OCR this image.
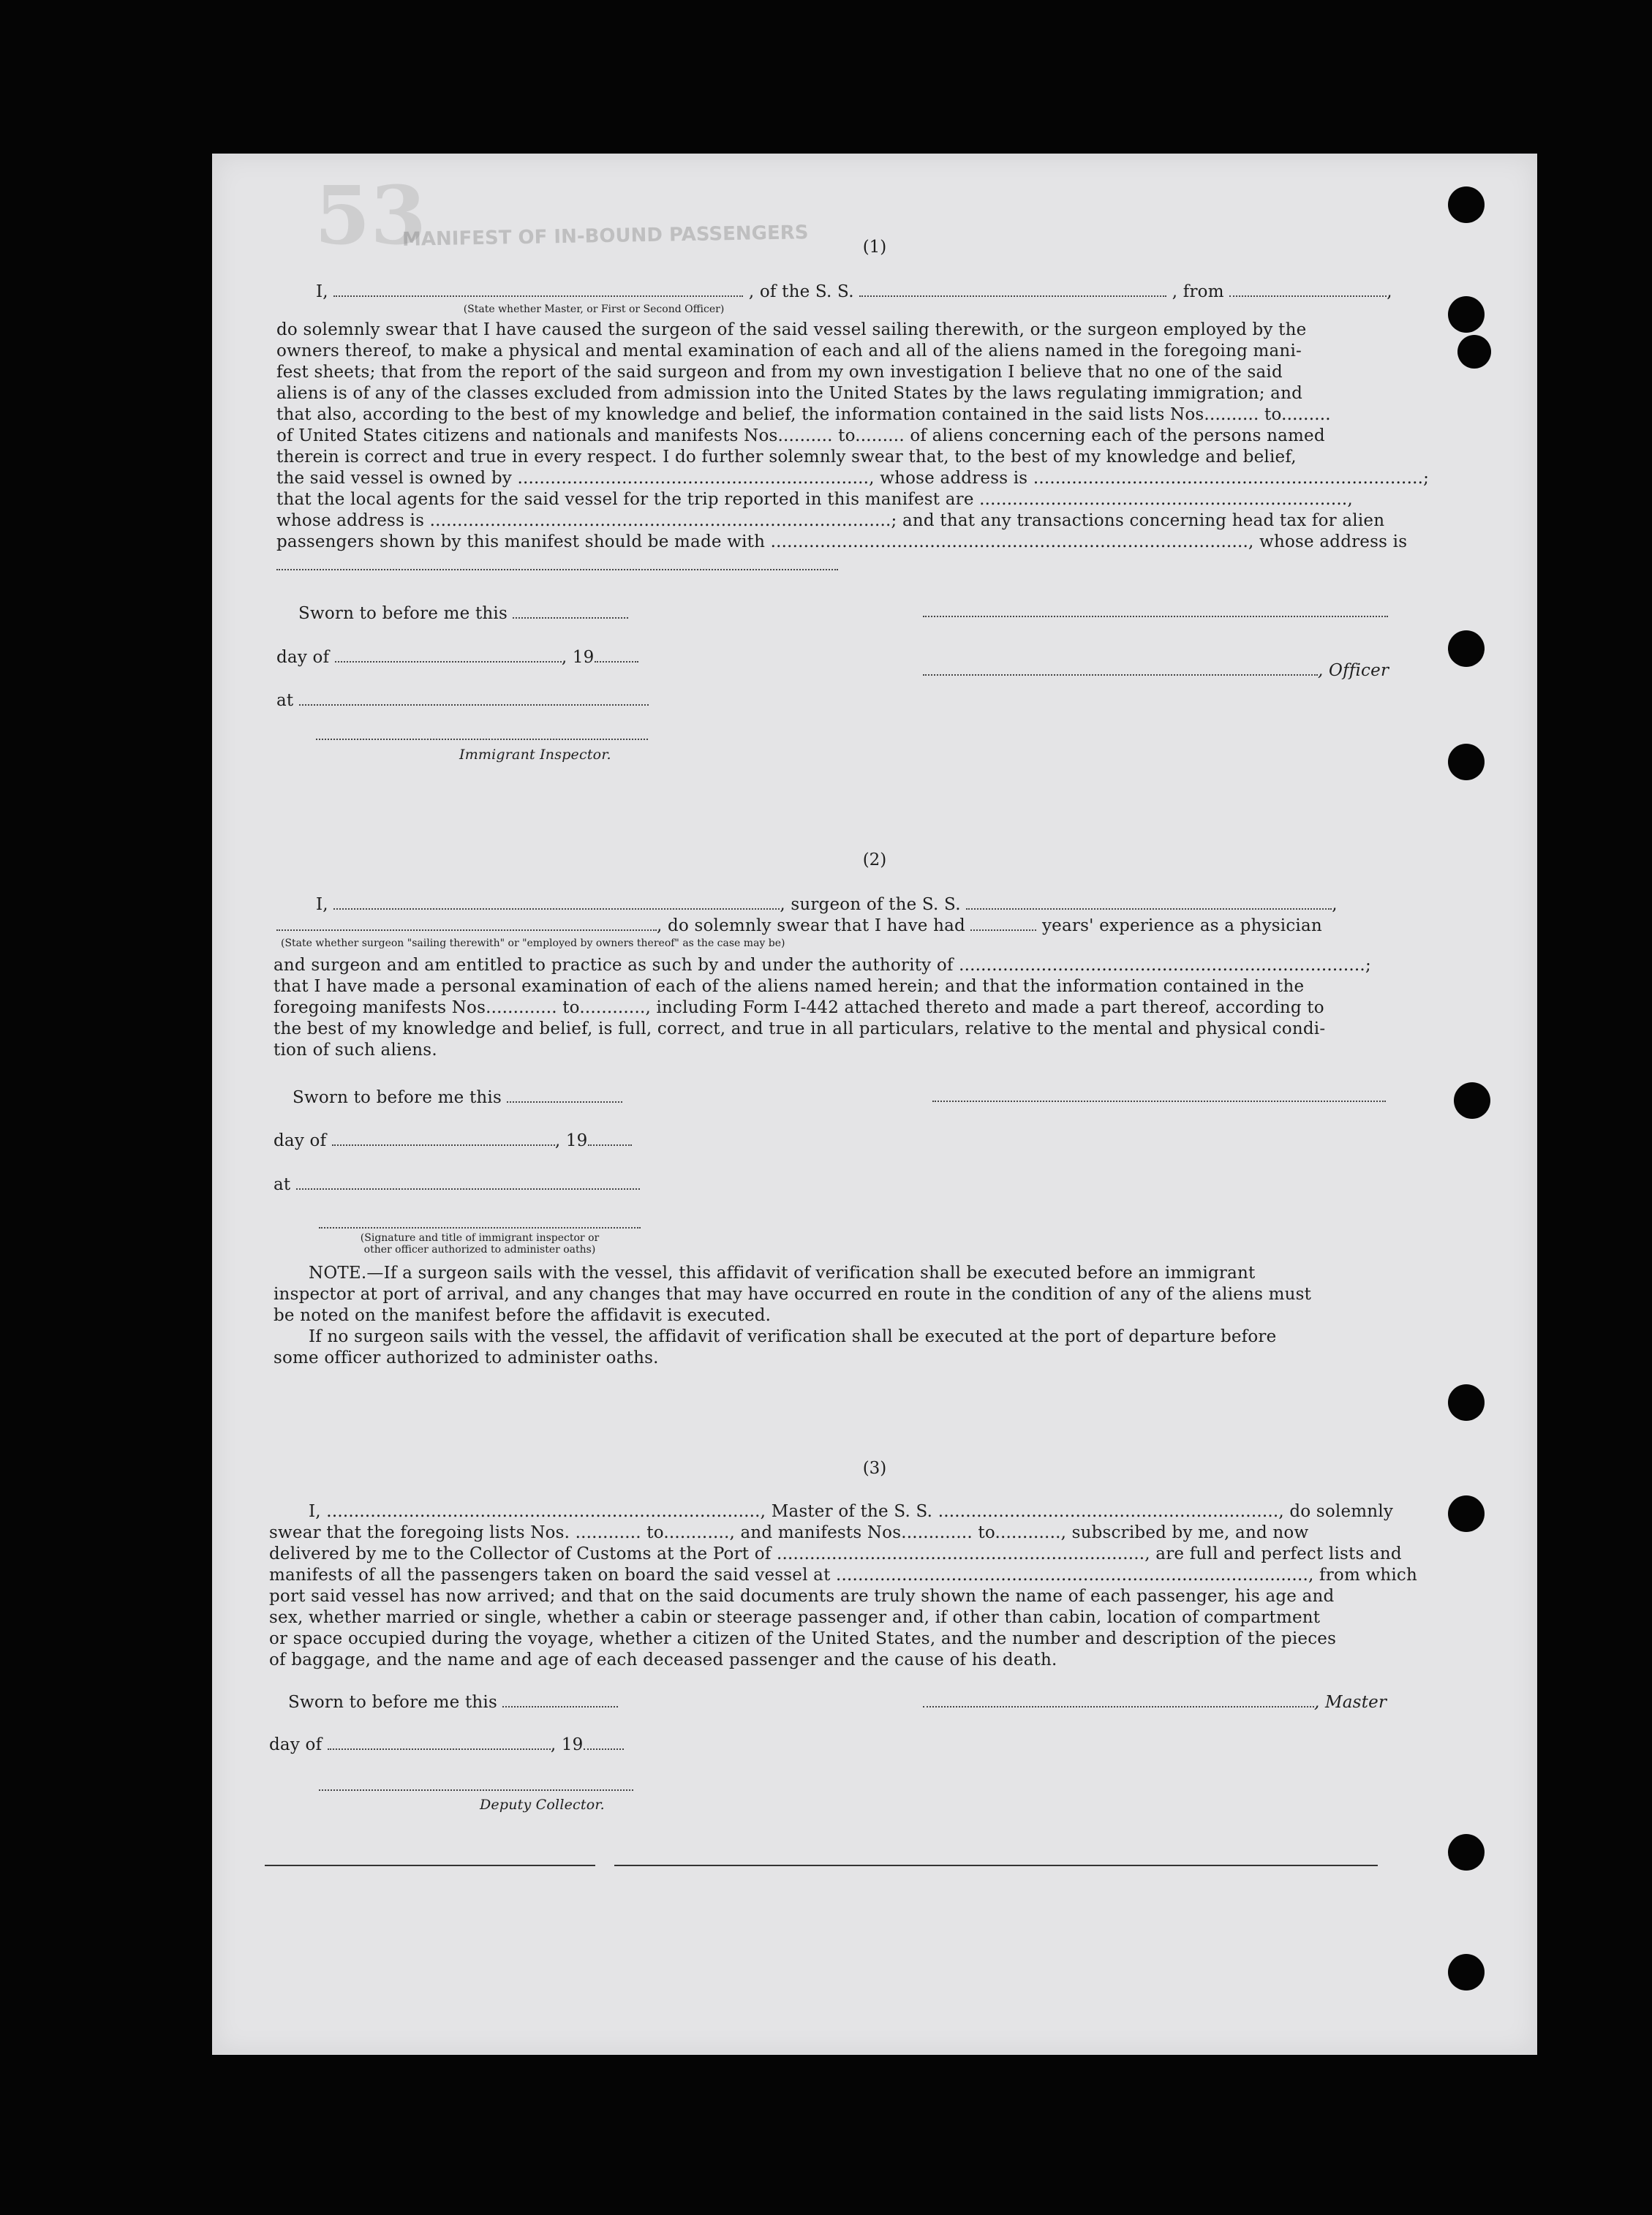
53
MANIFEST OF IN-BOUND PASSENGERS	(1)
I,	, of the S. S.	, from	,
(State whether Master, or First or Second Officer)
do solemnly swear that I have caused the surgeon of the said vessel sailing therewith, or the surgeon employed by the
owners thereof, to make a physical and mental examination of each and all of the aliens named in the foregoing mani-
fest sheets; that from the report of the said surgeon and from my own investigation I believe that no one of the said
aliens is of any of the classes excluded from admission into the United States by the laws regulating immigration; and
that also, according to the best of my knowledge and belief, the information contained in the said lists Nos.......... to.........
of United States citizens and nationals and manifests Nos.......... to......... of aliens concerning each of the persons named
therein is correct and true in every respect. I do further solemnly swear that, to the best of my knowledge and belief,
the said vessel is owned by ................................................................, whose address is .......................................................................;
that the local agents for the said vessel for the trip reported in this manifest are ...................................................................,
whose address is ....................................................................................; and that any transactions concerning head tax for alien
passengers shown by this manifest should be made with ......................................................................................., whose address is
Sworn to before me this
day of	, 19
, Officer
at
Immigrant Inspector.
(2)
I,	, surgeon of the S. S.	,
, do solemnly swear that I have had	years' experience as a physician
(State whether surgeon "sailing therewith" or "employed by owners thereof" as the case may be)
and surgeon and am entitled to practice as such by and under the authority of ..........................................................................;
that I have made a personal examination of each of the aliens named herein; and that the information contained in the
foregoing manifests Nos............. to............, including Form I-442 attached thereto and made a part thereof, according to
the best of my knowledge and belief, is full, correct, and true in all particulars, relative to the mental and physical condi-
tion of such aliens.
Sworn to before me this
day of	, 19
at
(Signature and title of immigrant inspector or
other officer authorized to administer oaths)
NOTE.—If a surgeon sails with the vessel, this affidavit of verification shall be executed before an immigrant
inspector at port of arrival, and any changes that may have occurred en route in the condition of any of the aliens must
be noted on the manifest before the affidavit is executed.
If no surgeon sails with the vessel, the affidavit of verification shall be executed at the port of departure before
some officer authorized to administer oaths.
(3)
I, ..............................................................................., Master of the S. S. .............................................................., do solemnly
swear that the foregoing lists Nos. ............ to............, and manifests Nos............. to............, subscribed by me, and now
delivered by me to the Collector of Customs at the Port of ..................................................................., are full and perfect lists and
manifests of all the passengers taken on board the said vessel at ......................................................................................, from which
port said vessel has now arrived; and that on the said documents are truly shown the name of each passenger, his age and
sex, whether married or single, whether a cabin or steerage passenger and, if other than cabin, location of compartment
or space occupied during the voyage, whether a citizen of the United States, and the number and description of the pieces
of baggage, and the name and age of each deceased passenger and the cause of his death.
Sworn to before me this	, Master
day of	, 19
Deputy Collector.
